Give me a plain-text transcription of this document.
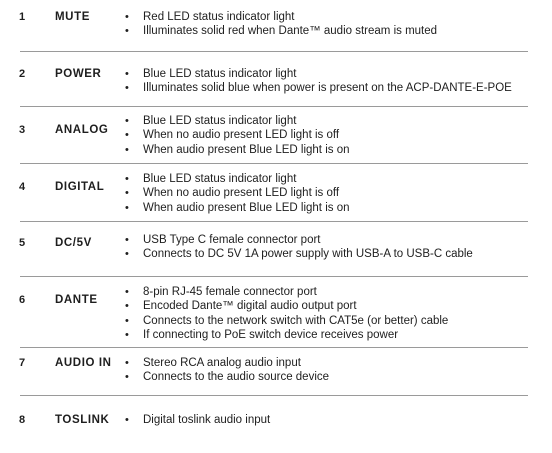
1	MUTE	• Red LED status indicator light
• Illuminates solid red when Dante™ audio stream is muted
2	POWER	• Blue LED status indicator light
• Illuminates solid blue when power is present on the ACP-DANTE-E-POE
3	ANALOG
• Blue LED status indicator light
• When no audio present LED light is off
• When audio present Blue LED light is on
4	DIGITAL
• Blue LED status indicator light
• When no audio present LED light is off
• When audio present Blue LED light is on
5	DC/5V	• USB Type C female connector port
• Connects to DC 5V 1A power supply with USB-A to USB-C cable
6	DANTE
• 8-pin RJ-45 female connector port
• Encoded Dante™ digital audio output port
• Connects to the network switch with CAT5e (or better) cable
• If connecting to PoE switch device receives power
7	AUDIO IN	• Stereo RCA analog audio input
• Connects to the audio source device
8	TOSLINK	• Digital toslink audio input
